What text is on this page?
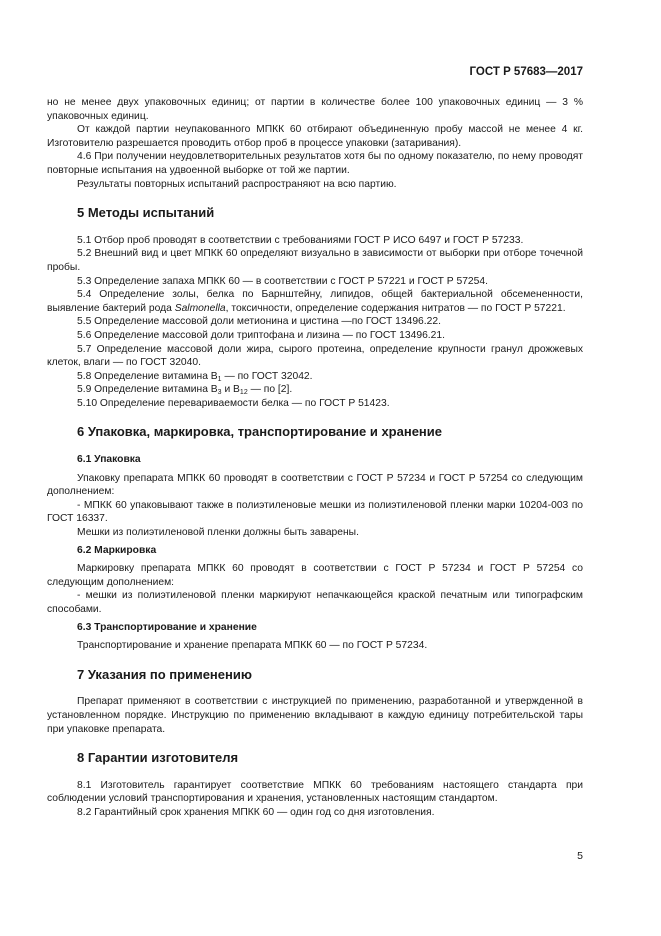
ГОСТ Р 57683—2017

но не менее двух упаковочных единиц; от партии в количестве более 100 упаковочных единиц — 3 % упаковочных единиц.

От каждой партии неупакованного МПКК 60 отбирают объединенную пробу массой не менее 4 кг. Изготовителю разрешается проводить отбор проб в процессе упаковки (затаривания).

4.6 При получении неудовлетворительных результатов хотя бы по одному показателю, по нему проводят повторные испытания на удвоенной выборке от той же партии.

Результаты повторных испытаний распространяют на всю партию.

5 Методы испытаний

5.1 Отбор проб проводят в соответствии с требованиями ГОСТ Р ИСО 6497 и ГОСТ Р 57233.

5.2 Внешний вид и цвет МПКК 60 определяют визуально в зависимости от выборки при отборе точечной пробы.

5.3 Определение запаха МПКК 60 — в соответствии с ГОСТ Р 57221 и ГОСТ Р 57254.

5.4 Определение золы, белка по Барнштейну, липидов, общей бактериальной обсемененности, выявление бактерий рода Salmonella, токсичности, определение содержания нитратов — по ГОСТ Р 57221.

5.5 Определение массовой доли метионина и цистина —по ГОСТ 13496.22.

5.6 Определение массовой доли триптофана и лизина — по ГОСТ 13496.21.

5.7 Определение массовой доли жира, сырого протеина, определение крупности гранул дрожжевых клеток, влаги — по ГОСТ 32040.

5.8 Определение витамина $В_1$ — по ГОСТ 32042.

5.9 Определение витамина $В_3$ и $В_{12}$ — по [2].

5.10 Определение перевариваемости белка — по ГОСТ Р 51423.

6 Упаковка, маркировка, транспортирование и хранение
6.1 Упаковка

Упаковку препарата МПКК 60 проводят в соответствии с ГОСТ Р 57234 и ГОСТ Р 57254 со следующим дополнением:

- МПКК 60 упаковывают также в полиэтиленовые мешки из полиэтиленовой пленки марки 10204-003 по ГОСТ 16337.

Мешки из полиэтиленовой пленки должны быть заварены.

6.2 Маркировка

Маркировку препарата МПКК 60 проводят в соответствии с ГОСТ Р 57234 и ГОСТ Р 57254 со следующим дополнением:

- мешки из полиэтиленовой пленки маркируют непачкающейся краской печатным или типографским способами.

6.3 Транспортирование и хранение

Транспортирование и хранение препарата МПКК 60 — по ГОСТ Р 57234.

7 Указания по применению

Препарат применяют в соответствии с инструкцией по применению, разработанной и утвержденной в установленном порядке. Инструкцию по применению вкладывают в каждую единицу потребительской тары при упаковке препарата.

8 Гарантии изготовителя

8.1 Изготовитель гарантирует соответствие МПКК 60 требованиям настоящего стандарта при соблюдении условий транспортирования и хранения, установленных настоящим стандартом.

8.2 Гарантийный срок хранения МПКК 60 — один год со дня изготовления.

5
